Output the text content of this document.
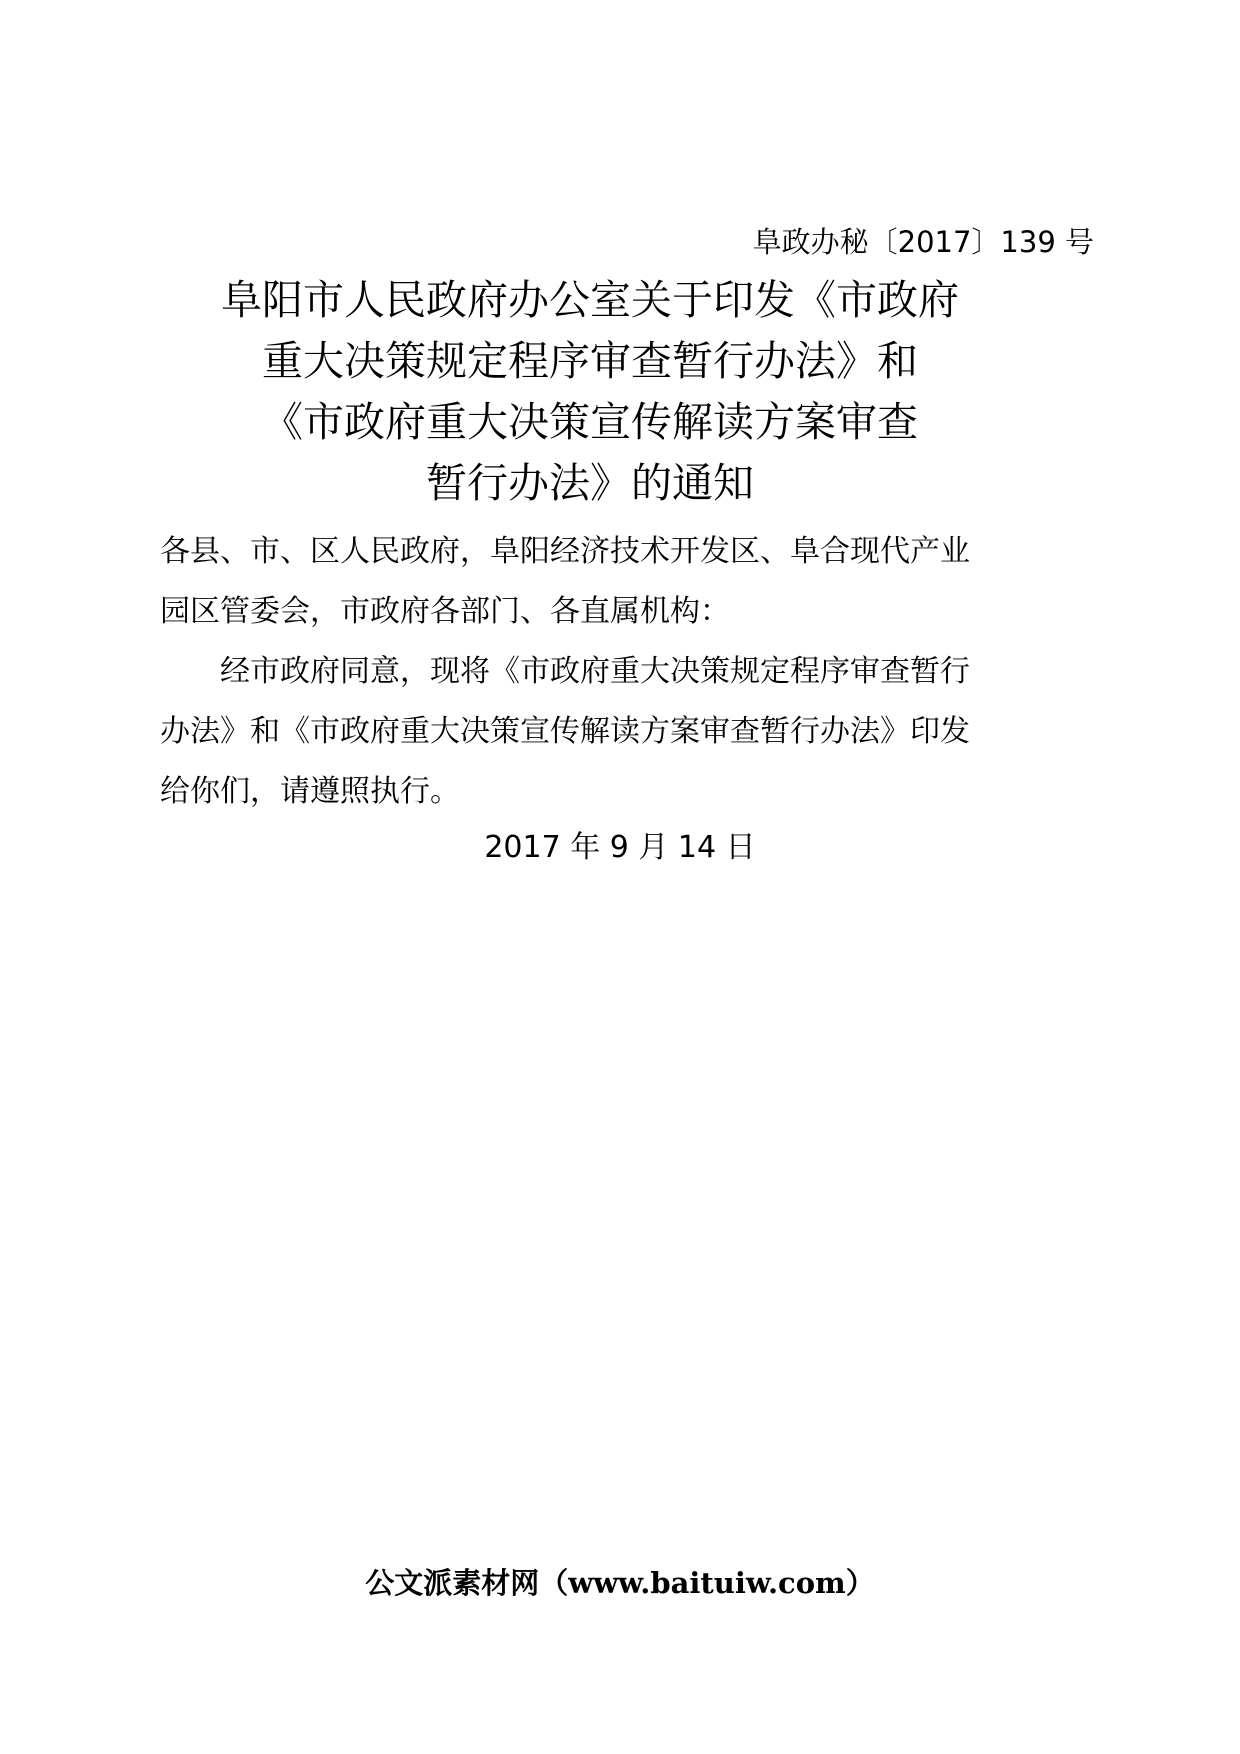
阜政办秘〔2017〕139 号
阜阳市人民政府办公室关于印发《市政府
重大决策规定程序审查暂行办法》和
《市政府重大决策宣传解读方案审查
暂行办法》的通知
各县、市、区人民政府，阜阳经济技术开发区、阜合现代产业
园区管委会，市政府各部门、各直属机构：
　　经市政府同意，现将《市政府重大决策规定程序审查暂行
办法》和《市政府重大决策宣传解读方案审查暂行办法》印发
给你们，请遵照执行。
2017 年 9 月 14 日
公文派素材网（www.baituiw.com）
